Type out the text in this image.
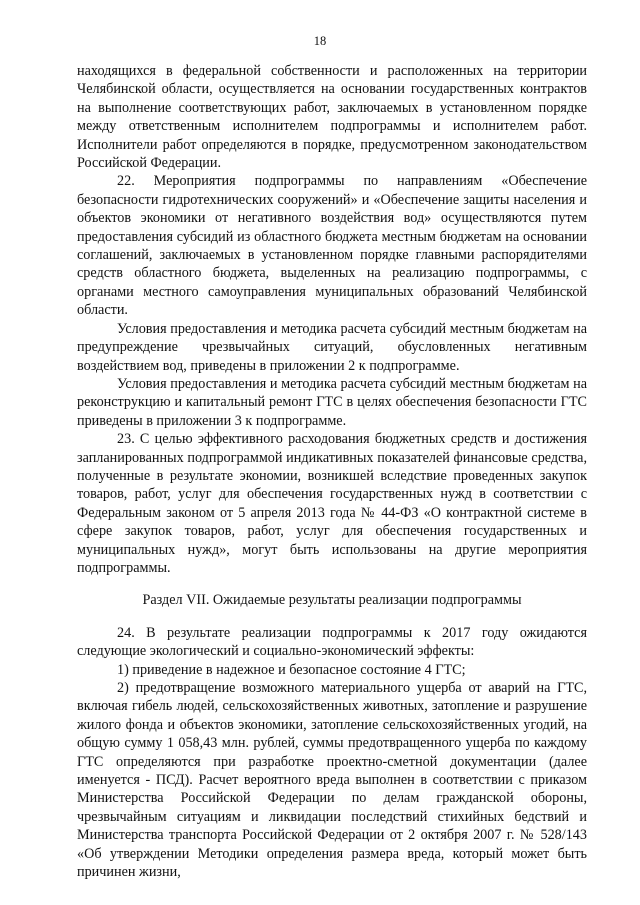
18

находящихся в федеральной собственности и расположенных на территории Челябинской области, осуществляется на основании государственных контрактов на выполнение соответствующих работ, заключаемых в установленном порядке между ответственным исполнителем подпрограммы и исполнителем работ. Исполнители работ определяются в порядке, предусмотренном законодательством Российской Федерации.

22. Мероприятия подпрограммы по направлениям «Обеспечение безопасности гидротехнических сооружений» и «Обеспечение защиты населения и объектов экономики от негативного воздействия вод» осуществляются путем предоставления субсидий из областного бюджета местным бюджетам на основании соглашений, заключаемых в установленном порядке главными распорядителями средств областного бюджета, выделенных на реализацию подпрограммы, с органами местного самоуправления муниципальных образований Челябинской области.

Условия предоставления и методика расчета субсидий местным бюджетам на предупреждение чрезвычайных ситуаций, обусловленных негативным воздействием вод, приведены в приложении 2 к подпрограмме.

Условия предоставления и методика расчета субсидий местным бюджетам на реконструкцию и капитальный ремонт ГТС в целях обеспечения безопасности ГТС приведены в приложении 3 к подпрограмме.

23. С целью эффективного расходования бюджетных средств и достижения запланированных подпрограммой индикативных показателей финансовые средства, полученные в результате экономии, возникшей вследствие проведенных закупок товаров, работ, услуг для обеспечения государственных нужд в соответствии с Федеральным законом от 5 апреля 2013 года № 44-ФЗ «О контрактной системе в сфере закупок товаров, работ, услуг для обеспечения государственных и муниципальных нужд», могут быть использованы на другие мероприятия подпрограммы.

Раздел VII. Ожидаемые результаты реализации подпрограммы

24. В результате реализации подпрограммы к 2017 году ожидаются следующие экологический и социально-экономический эффекты:

1) приведение в надежное и безопасное состояние 4 ГТС;

2) предотвращение возможного материального ущерба от аварий на ГТС, включая гибель людей, сельскохозяйственных животных, затопление и разрушение жилого фонда и объектов экономики, затопление сельскохозяйственных угодий, на общую сумму 1 058,43 млн. рублей, суммы предотвращенного ущерба по каждому ГТС определяются при разработке проектно-сметной документации (далее именуется - ПСД). Расчет вероятного вреда выполнен в соответствии с приказом Министерства Российской Федерации по делам гражданской обороны, чрезвычайным ситуациям и ликвидации последствий стихийных бедствий и Министерства транспорта Российской Федерации от 2 октября 2007 г. № 528/143 «Об утверждении Методики определения размера вреда, который может быть причинен жизни,
